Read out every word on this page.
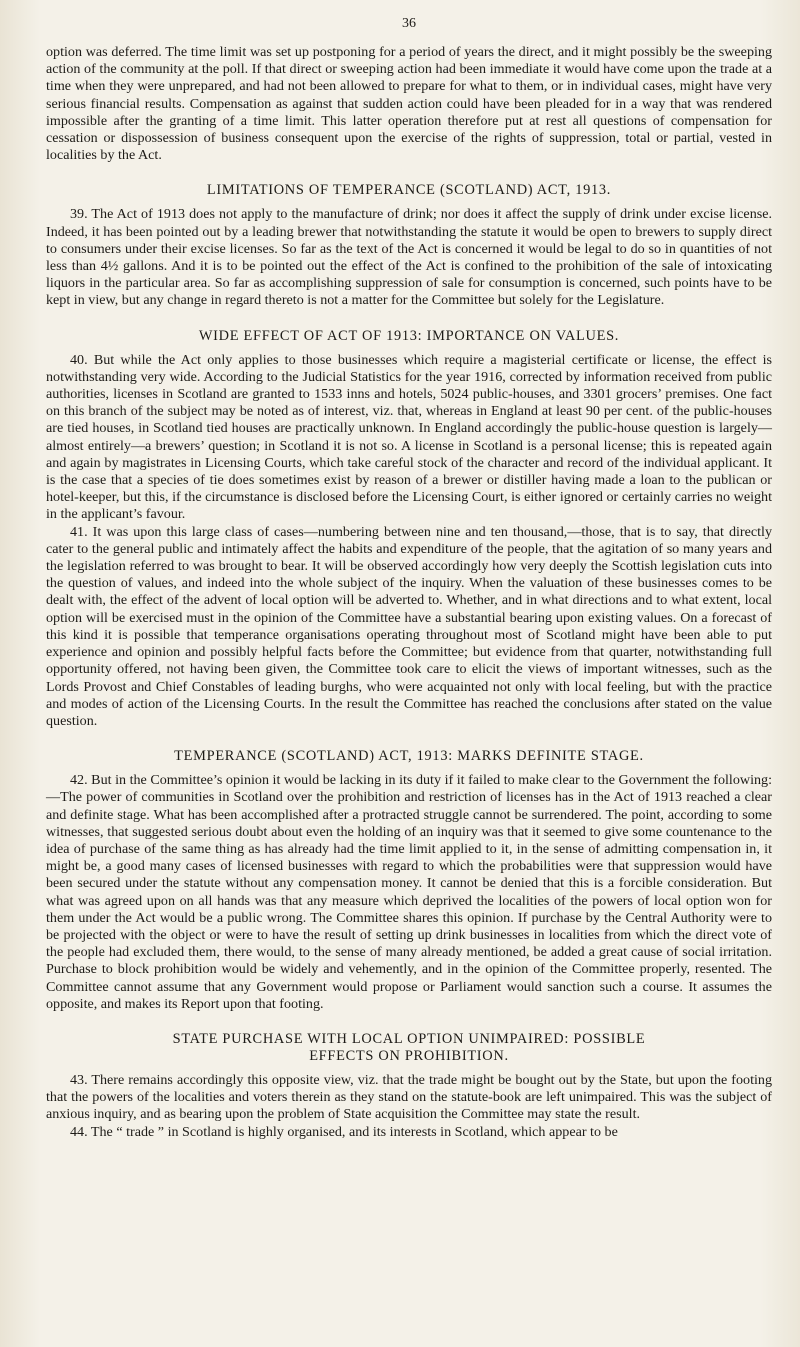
36

option was deferred. The time limit was set up postponing for a period of years the direct, and it might possibly be the sweeping action of the community at the poll. If that direct or sweeping action had been immediate it would have come upon the trade at a time when they were unprepared, and had not been allowed to prepare for what to them, or in individual cases, might have very serious financial results. Compensation as against that sudden action could have been pleaded for in a way that was rendered impossible after the granting of a time limit. This latter operation therefore put at rest all questions of compensation for cessation or dispossession of business consequent upon the exercise of the rights of suppression, total or partial, vested in localities by the Act.

LIMITATIONS OF TEMPERANCE (SCOTLAND) ACT, 1913.

39. The Act of 1913 does not apply to the manufacture of drink; nor does it affect the supply of drink under excise license. Indeed, it has been pointed out by a leading brewer that notwithstanding the statute it would be open to brewers to supply direct to consumers under their excise licenses. So far as the text of the Act is concerned it would be legal to do so in quantities of not less than 4½ gallons. And it is to be pointed out the effect of the Act is confined to the prohibition of the sale of intoxicating liquors in the particular area. So far as accomplishing suppression of sale for consumption is concerned, such points have to be kept in view, but any change in regard thereto is not a matter for the Committee but solely for the Legislature.

WIDE EFFECT OF ACT OF 1913: IMPORTANCE ON VALUES.

40. But while the Act only applies to those businesses which require a magisterial certificate or license, the effect is notwithstanding very wide. According to the Judicial Statistics for the year 1916, corrected by information received from public authorities, licenses in Scotland are granted to 1533 inns and hotels, 5024 public-houses, and 3301 grocers’ premises. One fact on this branch of the subject may be noted as of interest, viz. that, whereas in England at least 90 per cent. of the public-houses are tied houses, in Scotland tied houses are practically unknown. In England accordingly the public-house question is largely—almost entirely—a brewers’ question; in Scotland it is not so. A license in Scotland is a personal license; this is repeated again and again by magistrates in Licensing Courts, which take careful stock of the character and record of the individual applicant. It is the case that a species of tie does sometimes exist by reason of a brewer or distiller having made a loan to the publican or hotel-keeper, but this, if the circumstance is disclosed before the Licensing Court, is either ignored or certainly carries no weight in the applicant’s favour.

41. It was upon this large class of cases—numbering between nine and ten thousand,—those, that is to say, that directly cater to the general public and intimately affect the habits and expenditure of the people, that the agitation of so many years and the legislation referred to was brought to bear. It will be observed accordingly how very deeply the Scottish legislation cuts into the question of values, and indeed into the whole subject of the inquiry. When the valuation of these businesses comes to be dealt with, the effect of the advent of local option will be adverted to. Whether, and in what directions and to what extent, local option will be exercised must in the opinion of the Committee have a substantial bearing upon existing values. On a forecast of this kind it is possible that temperance organisations operating throughout most of Scotland might have been able to put experience and opinion and possibly helpful facts before the Committee; but evidence from that quarter, notwithstanding full opportunity offered, not having been given, the Committee took care to elicit the views of important witnesses, such as the Lords Provost and Chief Constables of leading burghs, who were acquainted not only with local feeling, but with the practice and modes of action of the Licensing Courts. In the result the Committee has reached the conclusions after stated on the value question.

TEMPERANCE (SCOTLAND) ACT, 1913: MARKS DEFINITE STAGE.

42. But in the Committee’s opinion it would be lacking in its duty if it failed to make clear to the Government the following:—The power of communities in Scotland over the prohibition and restriction of licenses has in the Act of 1913 reached a clear and definite stage. What has been accomplished after a protracted struggle cannot be surrendered. The point, according to some witnesses, that suggested serious doubt about even the holding of an inquiry was that it seemed to give some countenance to the idea of purchase of the same thing as has already had the time limit applied to it, in the sense of admitting compensation in, it might be, a good many cases of licensed businesses with regard to which the probabilities were that suppression would have been secured under the statute without any compensation money. It cannot be denied that this is a forcible consideration. But what was agreed upon on all hands was that any measure which deprived the localities of the powers of local option won for them under the Act would be a public wrong. The Committee shares this opinion. If purchase by the Central Authority were to be projected with the object or were to have the result of setting up drink businesses in localities from which the direct vote of the people had excluded them, there would, to the sense of many already mentioned, be added a great cause of social irritation. Purchase to block prohibition would be widely and vehemently, and in the opinion of the Committee properly, resented. The Committee cannot assume that any Government would propose or Parliament would sanction such a course. It assumes the opposite, and makes its Report upon that footing.

STATE PURCHASE WITH LOCAL OPTION UNIMPAIRED: POSSIBLE
EFFECTS ON PROHIBITION.

43. There remains accordingly this opposite view, viz. that the trade might be bought out by the State, but upon the footing that the powers of the localities and voters therein as they stand on the statute-book are left unimpaired. This was the subject of anxious inquiry, and as bearing upon the problem of State acquisition the Committee may state the result.

44. The “ trade ” in Scotland is highly organised, and its interests in Scotland, which appear to be
